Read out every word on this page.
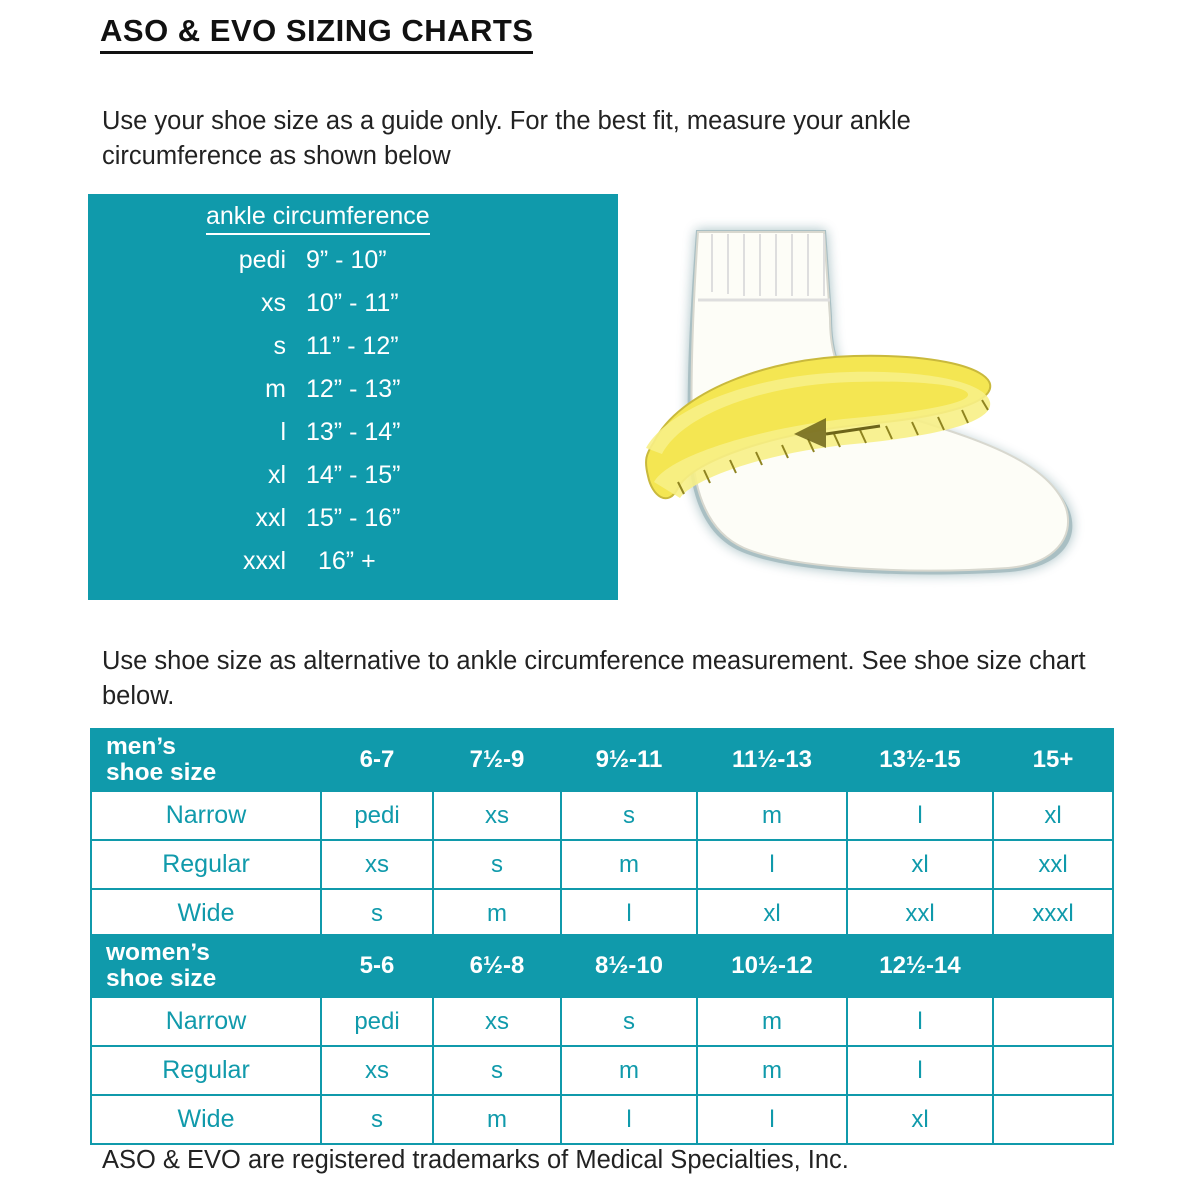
ASO & EVO SIZING CHARTS
Use your shoe size as a guide only. For the best fit, measure your ankle circumference as shown below
ankle circumference
pedi 9” - 10”
xs 10” - 11”
s 11” - 12”
m 12” - 13”
l 13” - 14”
xl 14” - 15”
xxl 15” - 16”
xxxl	16” +
Use shoe size as alternative to ankle circumference measurement. See shoe size chart below.
men’s
shoe size	6-7	7½-9	9½-11	11½-13	13½-15	15+
Narrow	pedi	xs	s	m	l	xl
Regular	xs	s	m	l	xl	xxl
Wide	s	m	l	xl	xxl	xxxl
women’s
shoe size	5-6	6½-8	8½-10	10½-12	12½-14	
Narrow	pedi	xs	s	m	l	
Regular	xs	s	m	m	l	
Wide	s	m	l	l	xl	
ASO & EVO are registered trademarks of Medical Specialties, Inc.
